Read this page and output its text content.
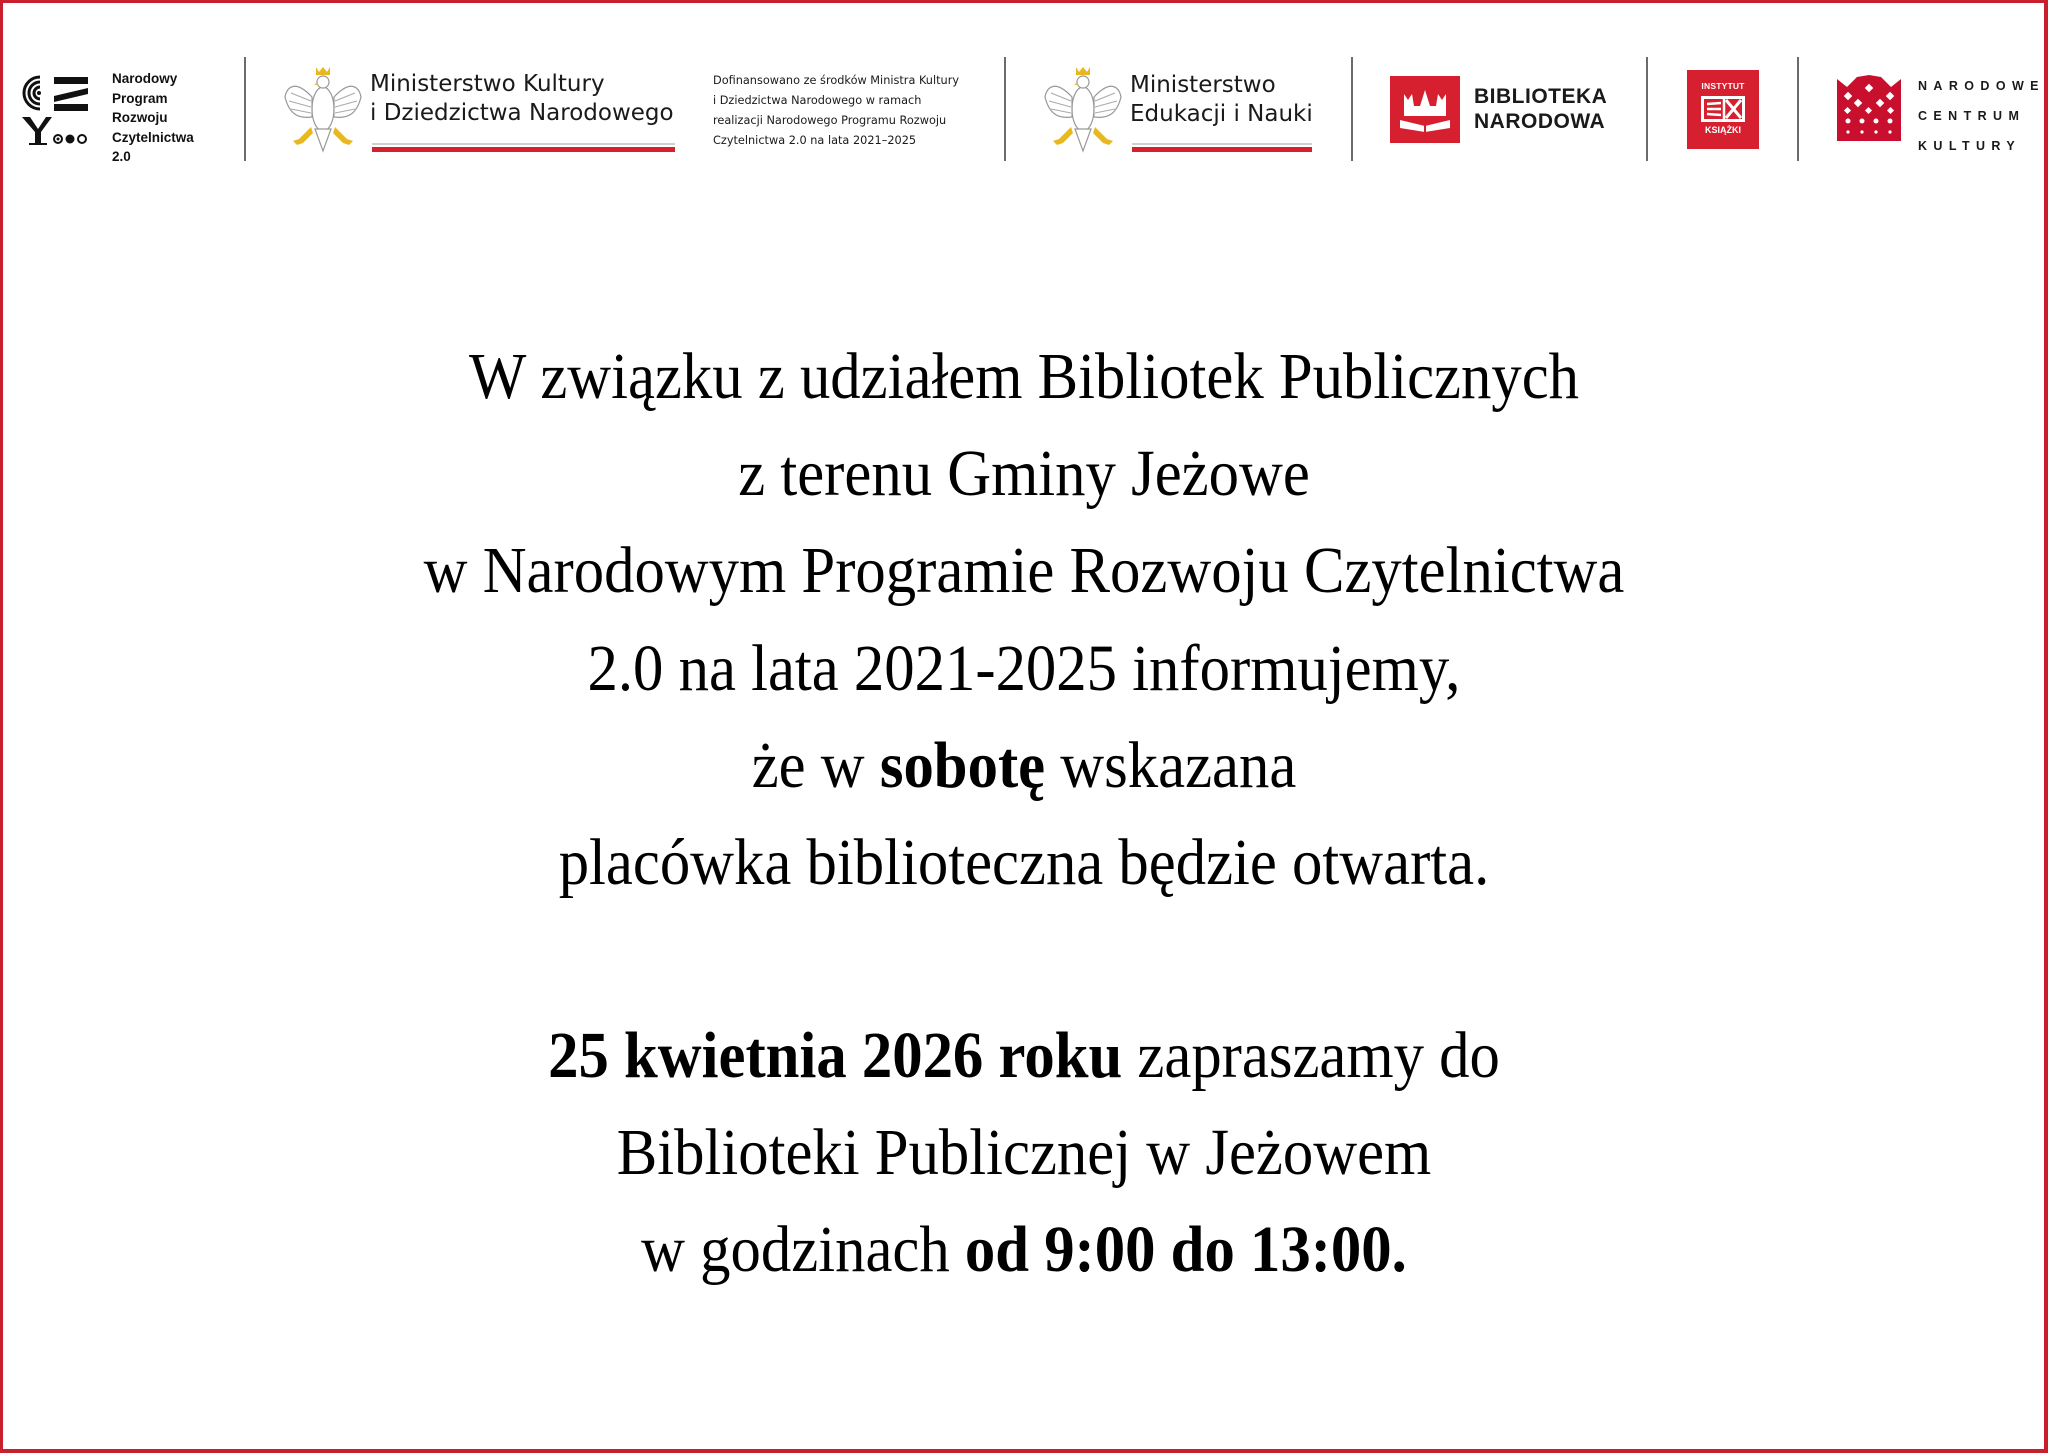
Narodowy
Program
Rozwoju
Czytelnictwa
2.0
Ministerstwo Kultury
i Dziedzictwa Narodowego
Dofinansowano ze środków Ministra Kultury
i Dziedzictwa Narodowego w ramach
realizacji Narodowego Programu Rozwoju
Czytelnictwa 2.0 na lata 2021–2025
Ministerstwo
Edukacji i Nauki
BIBLIOTEKA
NARODOWA
INSTYTUT
KSIĄŻKI
NARODOWE
CENTRUM
KULTURY
W związku z udziałem Bibliotek Publicznych
z terenu Gminy Jeżowe
w Narodowym Programie Rozwoju Czytelnictwa
2.0 na lata 2021-2025 informujemy,
że w sobotę wskazana
placówka biblioteczna będzie otwarta.
25 kwietnia 2026 roku zapraszamy do
Biblioteki Publicznej w Jeżowem
w godzinach od 9:00 do 13:00.
